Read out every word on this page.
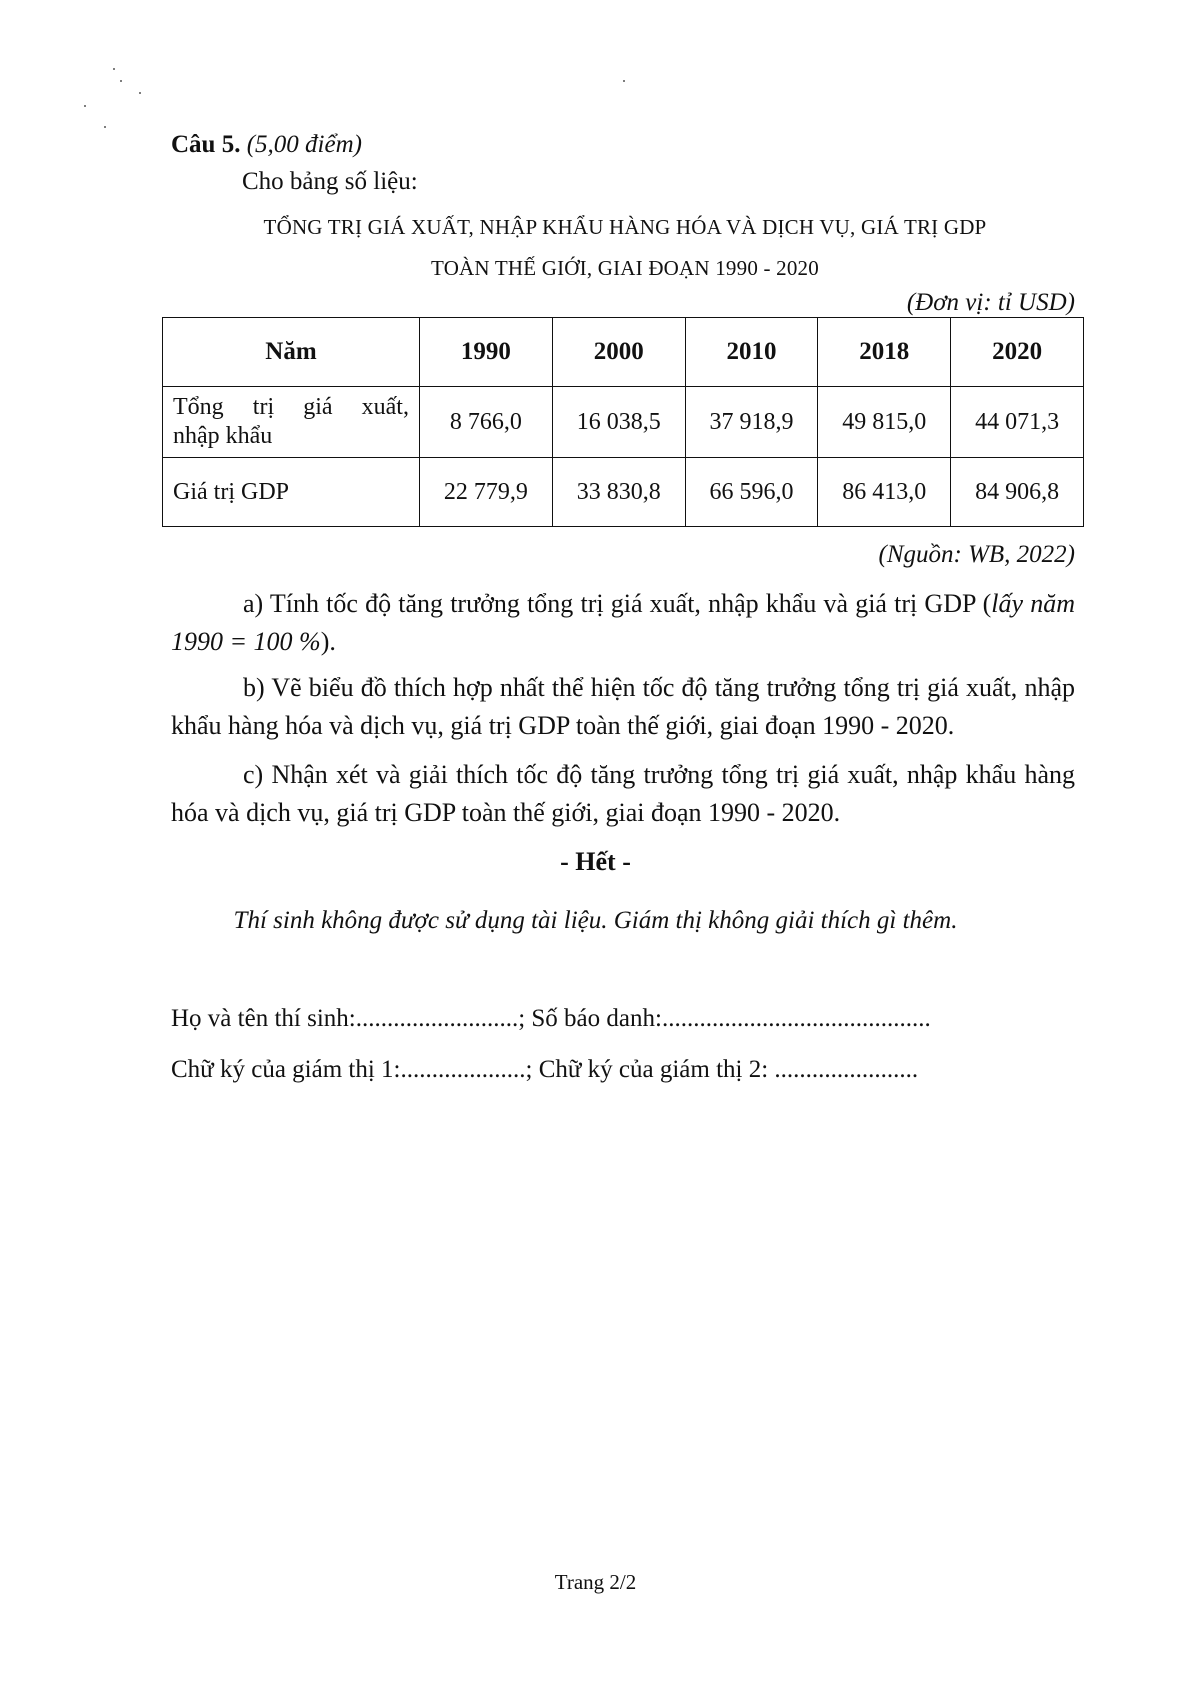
Câu 5. (5,00 điểm)
Cho bảng số liệu:
TỔNG TRỊ GIÁ XUẤT, NHẬP KHẨU HÀNG HÓA VÀ DỊCH VỤ, GIÁ TRỊ GDP
TOÀN THẾ GIỚI, GIAI ĐOẠN 1990 - 2020
(Đơn vị: tỉ USD)
Năm	1990	2000	2010	2018	2020

Tổng trị giá xuất,
nhập khẩu	8 766,0	16 038,5	37 918,9	49 815,0	44 071,3
Giá trị GDP	22 779,9	33 830,8	66 596,0	86 413,0	84 906,8
(Nguồn: WB, 2022)
a) Tính tốc độ tăng trưởng tổng trị giá xuất, nhập khẩu và giá trị GDP (lấy năm 1990 = 100 %).
b) Vẽ biểu đồ thích hợp nhất thể hiện tốc độ tăng trưởng tổng trị giá xuất, nhập khẩu hàng hóa và dịch vụ, giá trị GDP toàn thế giới, giai đoạn 1990 - 2020.
c) Nhận xét và giải thích tốc độ tăng trưởng tổng trị giá xuất, nhập khẩu hàng hóa và dịch vụ, giá trị GDP toàn thế giới, giai đoạn 1990 - 2020.
- Hết -
Thí sinh không được sử dụng tài liệu. Giám thị không giải thích gì thêm.
Họ và tên thí sinh:..........................; Số báo danh:...........................................
Chữ ký của giám thị 1:....................; Chữ ký của giám thị 2: .......................
Trang 2/2
